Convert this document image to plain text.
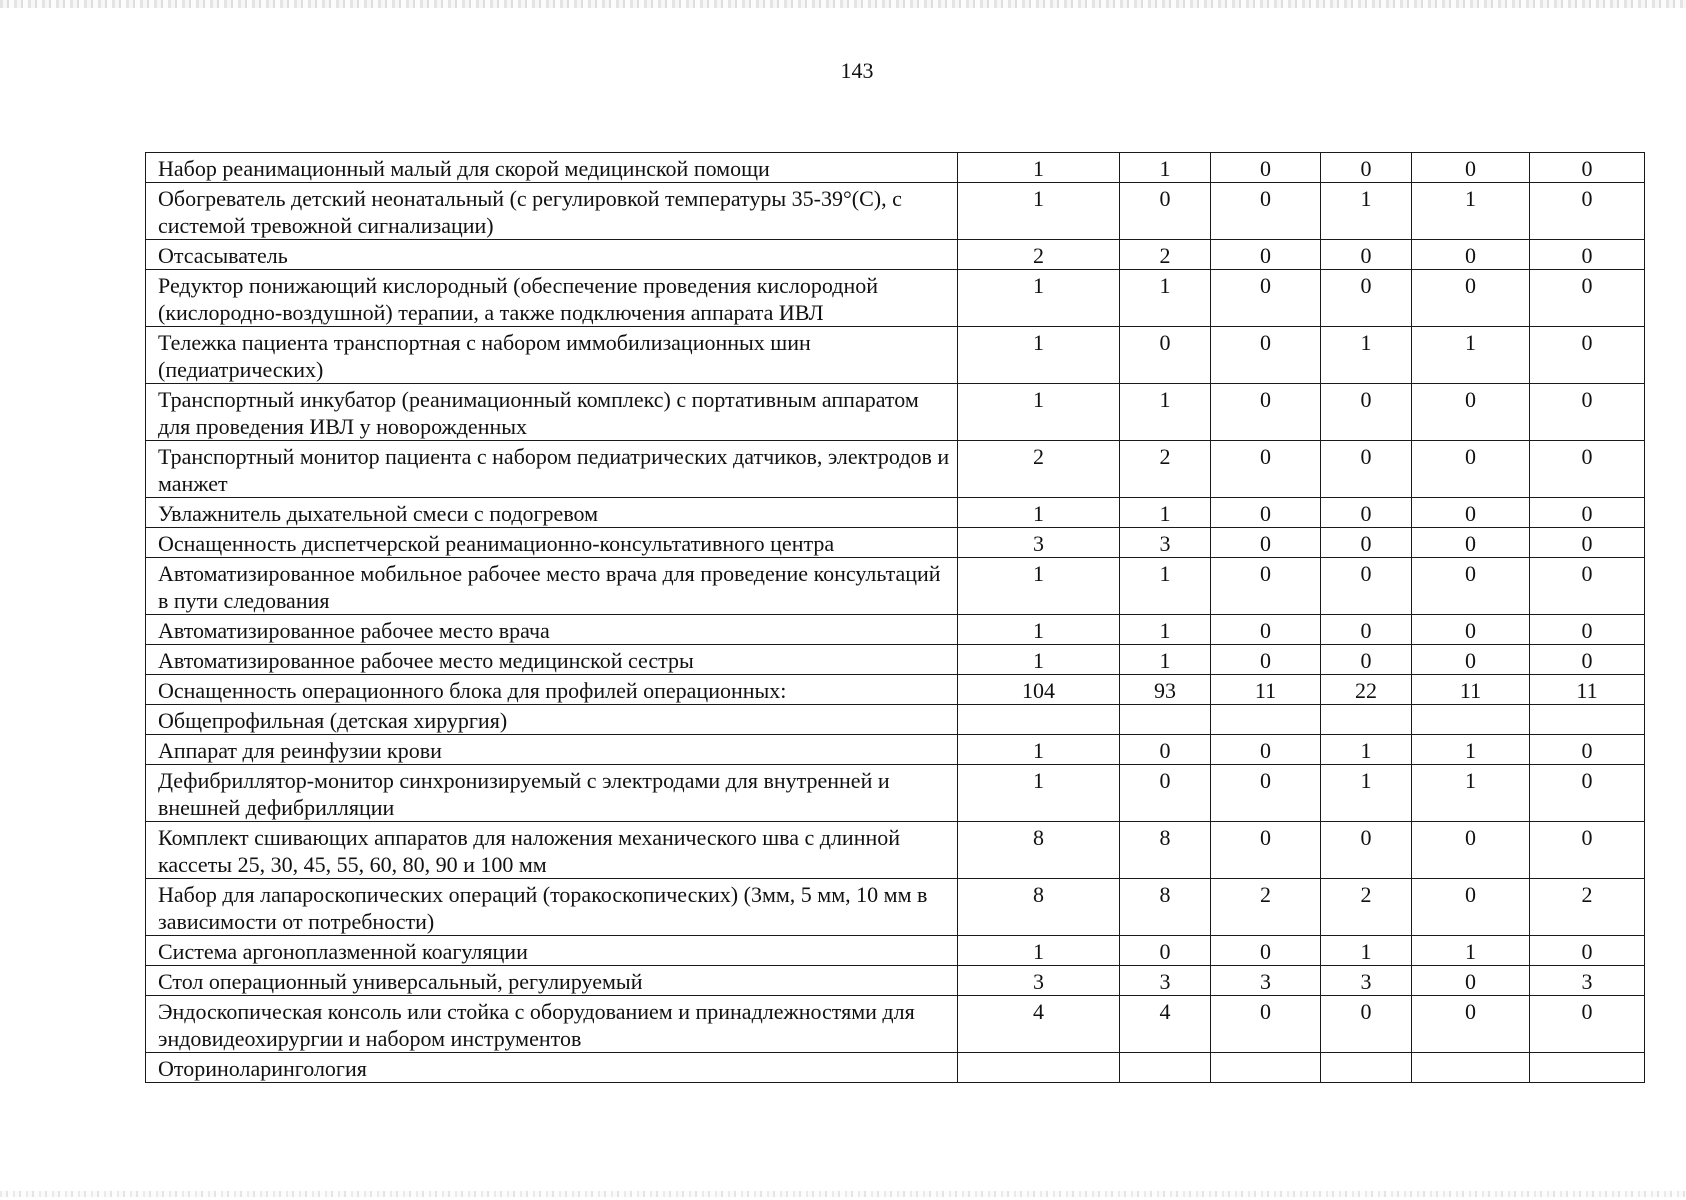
143
Набор реанимационный малый для скорой медицинской помощи	1	1	0	0	0	0
Обогреватель детский неонатальный (с регулировкой температуры 35-39°(С), с системой тревожной сигнализации)	1	0	0	1	1	0
Отсасыватель	2	2	0	0	0	0
Редуктор понижающий кислородный (обеспечение проведения кислородной (кислородно-воздушной) терапии, а также подключения аппарата ИВЛ	1	1	0	0	0	0
Тележка пациента транспортная с набором иммобилизационных шин (педиатрических)	1	0	0	1	1	0
Транспортный инкубатор (реанимационный комплекс) с портативным аппаратом для проведения ИВЛ у новорожденных	1	1	0	0	0	0
Транспортный монитор пациента с набором педиатрических датчиков, электродов и манжет	2	2	0	0	0	0
Увлажнитель дыхательной смеси с подогревом	1	1	0	0	0	0
Оснащенность диспетчерской реанимационно-консультативного центра	3	3	0	0	0	0
Автоматизированное мобильное рабочее место врача для проведение консультаций в пути следования	1	1	0	0	0	0
Автоматизированное рабочее место врача	1	1	0	0	0	0
Автоматизированное рабочее место медицинской сестры	1	1	0	0	0	0
Оснащенность операционного блока для профилей операционных:	104	93	11	22	11	11
Общепрофильная (детская хирургия)						
Аппарат для реинфузии крови	1	0	0	1	1	0
Дефибриллятор-монитор синхронизируемый с электродами для внутренней и внешней дефибрилляции	1	0	0	1	1	0
Комплект сшивающих аппаратов для наложения механического шва с длинной кассеты 25, 30, 45, 55, 60, 80, 90 и 100 мм	8	8	0	0	0	0
Набор для лапароскопических операций (торакоскопических) (3мм, 5 мм, 10 мм в зависимости от потребности)	8	8	2	2	0	2
Система аргоноплазменной коагуляции	1	0	0	1	1	0
Стол операционный универсальный, регулируемый	3	3	3	3	0	3
Эндоскопическая консоль или стойка с оборудованием и принадлежностями для эндовидеохирургии и набором инструментов	4	4	0	0	0	0
Оториноларингология						
